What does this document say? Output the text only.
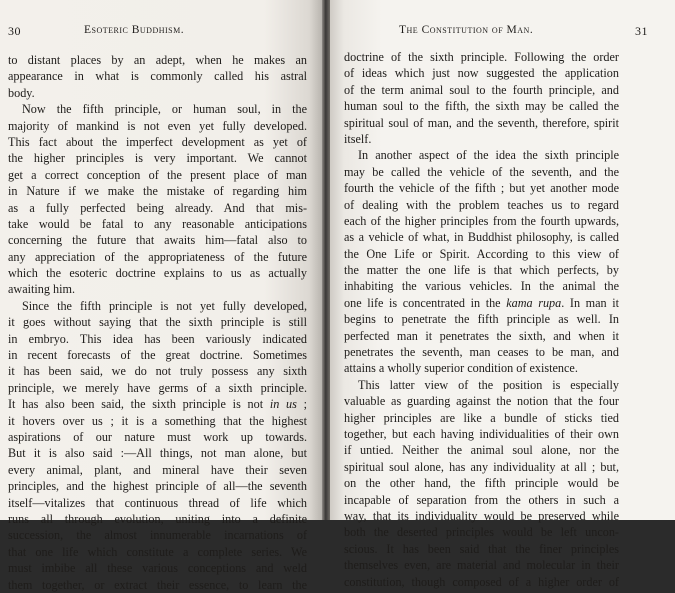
30	Esoteric Buddhism.
to distant places by an adept, when he makes an
appearance in what is commonly called his astral
body.
Now the fifth principle, or human soul, in the
majority of mankind is not even yet fully developed.
This fact about the imperfect development as yet of
the higher principles is very important. We cannot
get a correct conception of the present place of man
in Nature if we make the mistake of regarding him
as a fully perfected being already. And that mis-
take would be fatal to any reasonable anticipations
concerning the future that awaits him—fatal also to
any appreciation of the appropriateness of the future
which the esoteric doctrine explains to us as actually
awaiting him.
Since the fifth principle is not yet fully developed,
it goes without saying that the sixth principle is still
in embryo. This idea has been variously indicated
in recent forecasts of the great doctrine. Sometimes
it has been said, we do not truly possess any sixth
principle, we merely have germs of a sixth principle.
It has also been said, the sixth principle is not in us ;
it hovers over us ; it is a something that the highest
aspirations of our nature must work up towards.
But it is also said :—All things, not man alone, but
every animal, plant, and mineral have their seven
principles, and the highest principle of all—the seventh
itself—vitalizes that continuous thread of life which
runs all through evolution, uniting into a definite
succession, the almost innumerable incarnations of
that one life which constitute a complete series. We
must imbibe all these various conceptions and weld
them together, or extract their essence, to learn the
The Constitution of Man.	31
doctrine of the sixth principle. Following the order
of ideas which just now suggested the application
of the term animal soul to the fourth principle, and
human soul to the fifth, the sixth may be called the
spiritual soul of man, and the seventh, therefore, spirit
itself.
In another aspect of the idea the sixth principle
may be called the vehicle of the seventh, and the
fourth the vehicle of the fifth ; but yet another mode
of dealing with the problem teaches us to regard
each of the higher principles from the fourth upwards,
as a vehicle of what, in Buddhist philosophy, is called
the One Life or Spirit. According to this view of
the matter the one life is that which perfects, by
inhabiting the various vehicles. In the animal the
one life is concentrated in the kama rupa. In man it
begins to penetrate the fifth principle as well. In
perfected man it penetrates the sixth, and when it
penetrates the seventh, man ceases to be man, and
attains a wholly superior condition of existence.
This latter view of the position is especially
valuable as guarding against the notion that the four
higher principles are like a bundle of sticks tied
together, but each having individualities of their own
if untied. Neither the animal soul alone, nor the
spiritual soul alone, has any individuality at all ; but,
on the other hand, the fifth principle would be
incapable of separation from the others in such a
way, that its individuality would be preserved while
both the deserted principles would be left uncon-
scious. It has been said that the finer principles
themselves even, are material and molecular in their
constitution, though composed of a higher order of
